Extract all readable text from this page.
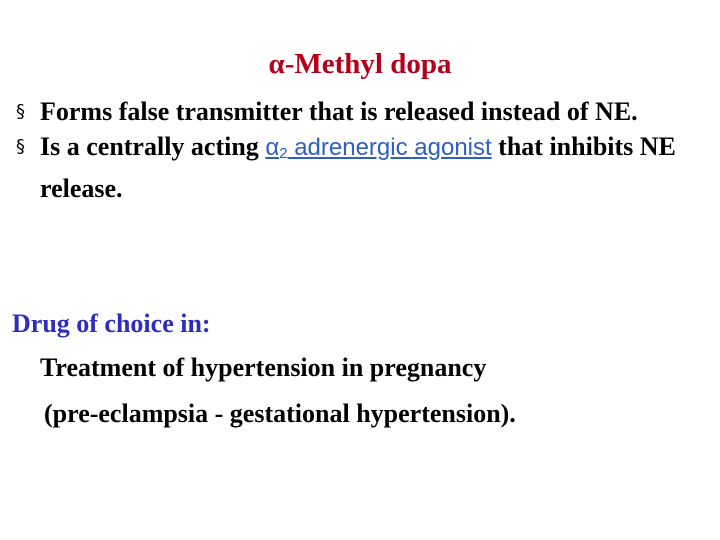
α-Methyl dopa
§ Forms false transmitter that is released instead of NE.
§ Is a centrally acting $\alpha_2$ adrenergic agonist that inhibits NE release.
Drug of choice in:
Treatment of hypertension in pregnancy
(pre-eclampsia - gestational hypertension).
